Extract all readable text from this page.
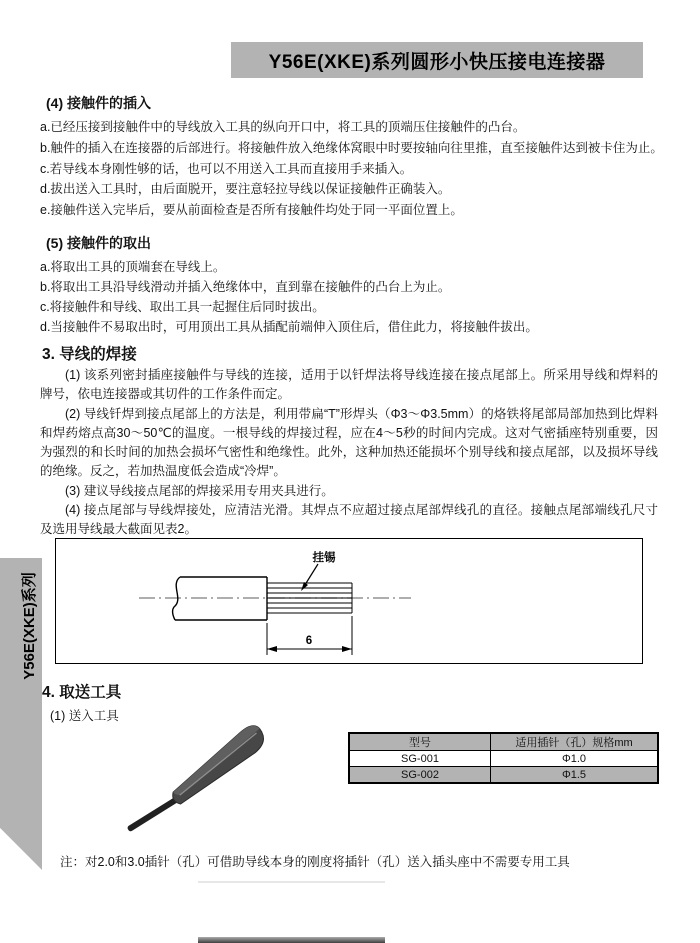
Y56E(XKE)系列圆形小快压接电连接器
Y56E(XKE)系列
(4) 接触件的插入
a.已经压接到接触件中的导线放入工具的纵向开口中，将工具的顶端压住接触件的凸台。
b.触件的插入在连接器的后部进行。将接触件放入绝缘体窝眼中时要按轴向往里推，直至接触件达到被卡住为止。
c.若导线本身刚性够的话，也可以不用送入工具而直接用手来插入。
d.拔出送入工具时，由后面脱开，要注意轻拉导线以保证接触件正确装入。
e.接触件送入完毕后，要从前面检查是否所有接触件均处于同一平面位置上。
(5) 接触件的取出
a.将取出工具的顶端套在导线上。
b.将取出工具沿导线滑动并插入绝缘体中，直到靠在接触件的凸台上为止。
c.将接触件和导线、取出工具一起握住后同时拔出。
d.当接触件不易取出时，可用顶出工具从插配前端伸入顶住后，借住此力，将接触件拔出。
3. 导线的焊接

(1) 该系列密封插座接触件与导线的连接，适用于以钎焊法将导线连接在接点尾部上。所采用导线和焊料的牌号，依电连接器或其切件的工作条件而定。

(2) 导线钎焊到接点尾部上的方法是，利用带扁“T”形焊头（Φ3～Φ3.5mm）的烙铁将尾部局部加热到比焊料和焊药熔点高30～50℃的温度。一根导线的焊接过程，应在4～5秒的时间内完成。这对气密插座特别重要，因为强烈的和长时间的加热会损坏气密性和绝缘性。此外，这种加热还能损坏个别导线和接点尾部，以及损坏导线的绝缘。反之，若加热温度低会造成“冷焊”。

(3) 建议导线接点尾部的焊接采用专用夹具进行。

(4) 接点尾部与导线焊接处，应清洁光滑。其焊点不应超过接点尾部焊线孔的直径。接触点尾部端线孔尺寸及选用导线最大截面见表2。

挂锡
6
4. 取送工具
(1) 送入工具
型号	适用插针（孔）规格mm
SG-001	Φ1.0
SG-002	Φ1.5
注：对2.0和3.0插针（孔）可借助导线本身的刚度将插针（孔）送入插头座中不需要专用工具
